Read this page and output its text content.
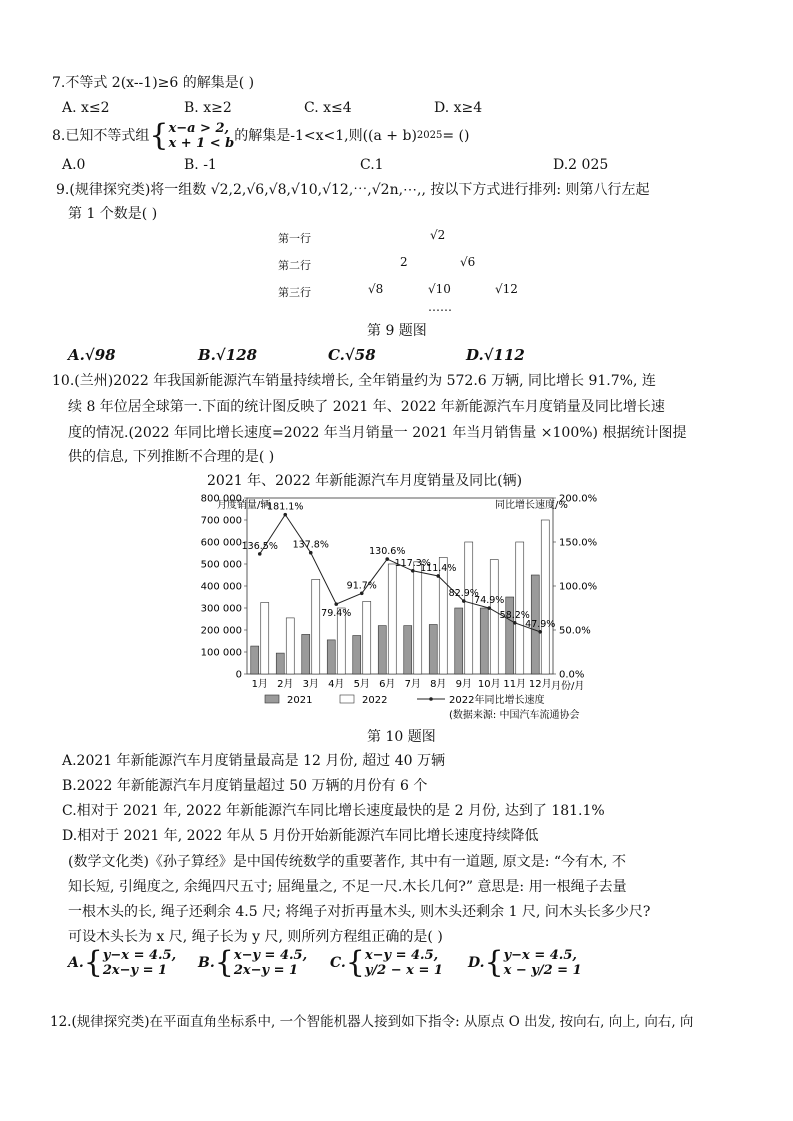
7.不等式 2(x--1)≥6 的解集是( )
A. x≤2	B. x≥2	C. x≤4	D. x≥4
8.已知不等式组 { x−a > 2,
x + 1 < b 的解集是-1<x<1,则((a + b) 2025 = ()
A.0	B. -1	C.1	D.2 025
9.(规律探究类)将一组数 √2,2,√6,√8,√10,√12,⋯,√2n,⋯,, 按以下方式进行排列: 则第八行左起
第 1 个数是( )
第一行	√2
第二行	2	√6
第三行	√8	√10	√12
……
第 9 题图
A.√98	B.√128	C.√58	D.√112
10.(兰州)2022 年我国新能源汽车销量持续增长, 全年销量约为 572.6 万辆, 同比增长 91.7%, 连
续 8 年位居全球第一.下面的统计图反映了 2021 年、2022 年新能源汽车月度销量及同比增长速
度的情况.(2022 年同比增长速度=2022 年当月销量一 2021 年当月销售量 ×100%) 根据统计图提
供的信息, 下列推断不合理的是( )
2021 年、2022 年新能源汽车月度销量及同比(辆)
月度销量/辆	同比增长速度/%
月份/月
0
100 000
200 000
300 000
400 000
500 000
600 000
700 000
800 000
0.0%
50.0%
100.0%
150.0%
200.0%
1月 2月 3月 4月 5月 6月 7月 8月 9月 10月 11月 12月
136.5%
181.1%
137.8%
79.4%
91.7%
130.6%
117.3%
111.4%
82.9%
74.9%
58.2%
47.9%
2021	2022	2022年同比增长速度
(数据来源: 中国汽车流通协会
第 10 题图
A.2021 年新能源汽车月度销量最高是 12 月份, 超过 40 万辆
B.2022 年新能源汽车月度销量超过 50 万辆的月份有 6 个
C.相对于 2021 年, 2022 年新能源汽车同比增长速度最快的是 2 月份, 达到了 181.1%
D.相对于 2021 年, 2022 年从 5 月份开始新能源汽车同比增长速度持续降低
(数学文化类)《孙子算经》是中国传统数学的重要著作, 其中有一道题, 原文是: “今有木, 不
知长短, 引绳度之, 余绳四尺五寸; 屈绳量之, 不足一尺.木长几何?” 意思是: 用一根绳子去量
一根木头的长, 绳子还剩余 4.5 尺; 将绳子对折再量木头, 则木头还剩余 1 尺, 问木头长多少尺?
可设木头长为 x 尺, 绳子长为 y 尺, 则所列方程组正确的是( )
A. { y−x = 4.5,
2x−y = 1	B. { x−y = 4.5,
2x−y = 1	C. { x−y = 4.5,
y/2 − x = 1 D. { y−x = 4.5,
x − y/2 = 1
12.(规律探究类)在平面直角坐标系中, 一个智能机器人接到如下指令: 从原点 O 出发, 按向右, 向上, 向右, 向
